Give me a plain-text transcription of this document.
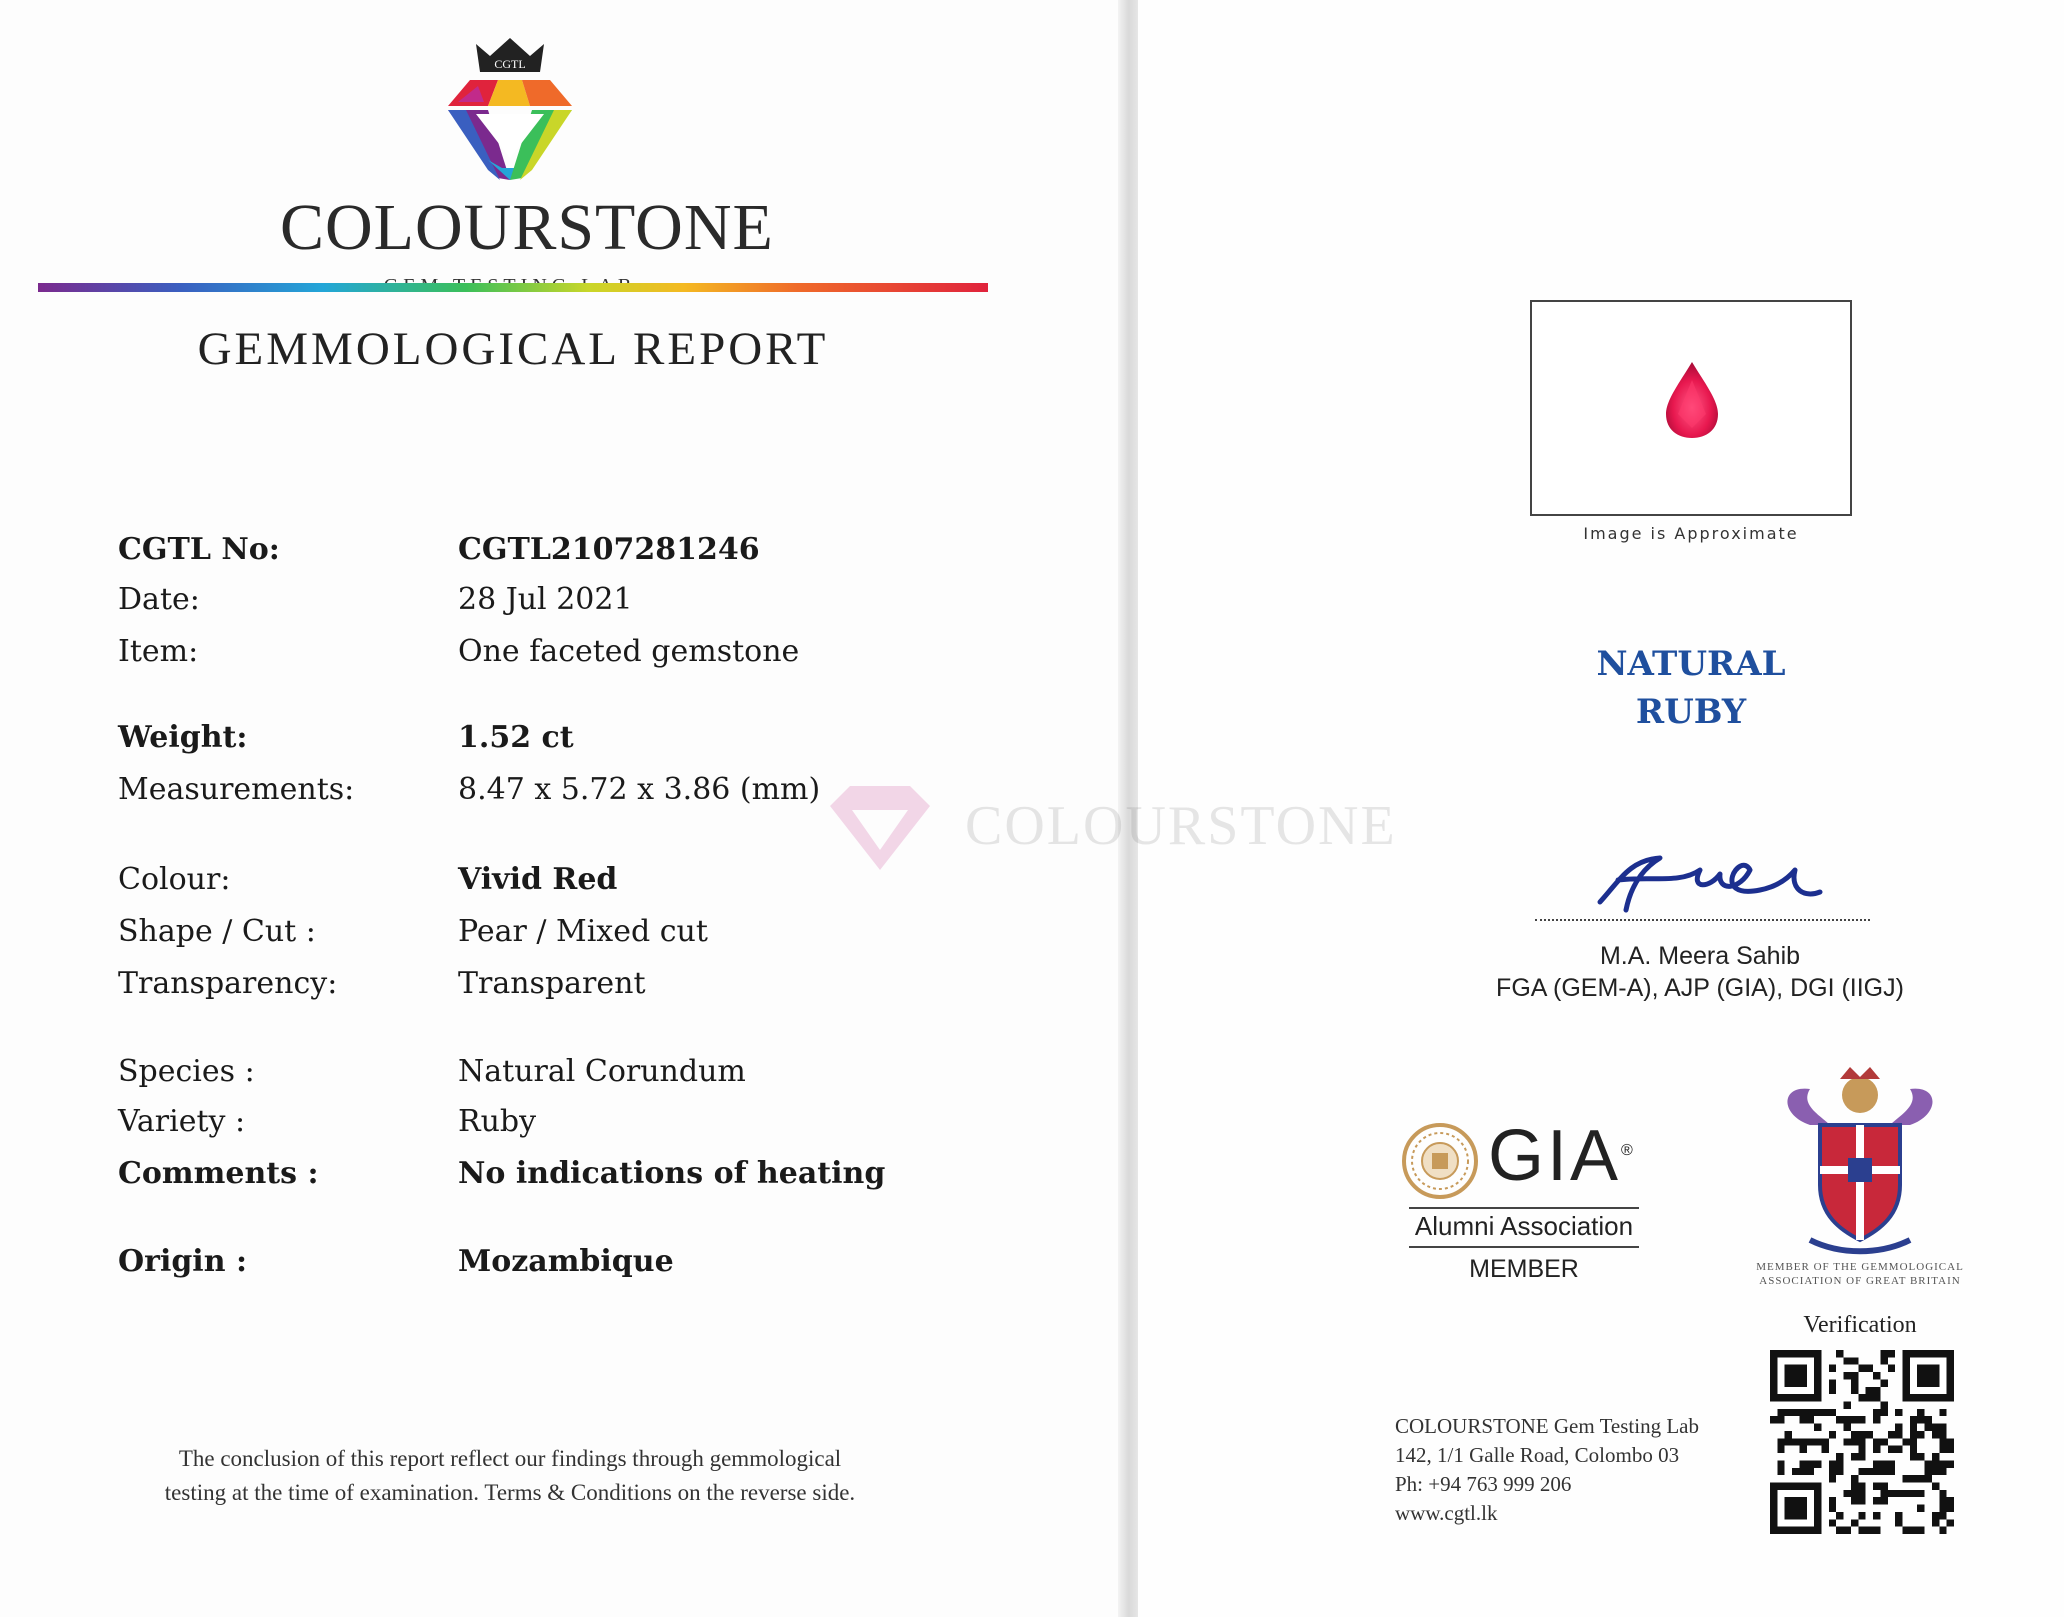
CGTL
COLOURSTONE
GEMMOLOGICAL REPORT
CGTL No:	CGTL2107281246
Date:	28 Jul 2021
Item:	One faceted gemstone
Weight:	1.52 ct
Measurements:	8.47 x 5.72 x 3.86 (mm)
Colour:	Vivid Red
Shape / Cut :	Pear / Mixed cut
Transparency:	Transparent
Species :	Natural Corundum
Variety :	Ruby
Comments :	No indications of heating
Origin :	Mozambique
The conclusion of this report reflect our findings through gemmological
testing at the time of examination. Terms & Conditions on the reverse side.
COLOURSTONE
Image is Approximate
NATURAL
RUBY
M.A. Meera Sahib
FGA (GEM-A), AJP (GIA), DGI (IIGJ)
GIA®
Alumni Association
MEMBER	MEMBER OF THE GEMMOLOGICAL
ASSOCIATION OF GREAT BRITAIN
COLOURSTONE Gem Testing Lab
142, 1/1 Galle Road, Colombo 03
Ph: +94 763 999 206
www.cgtl.lk
Verification
